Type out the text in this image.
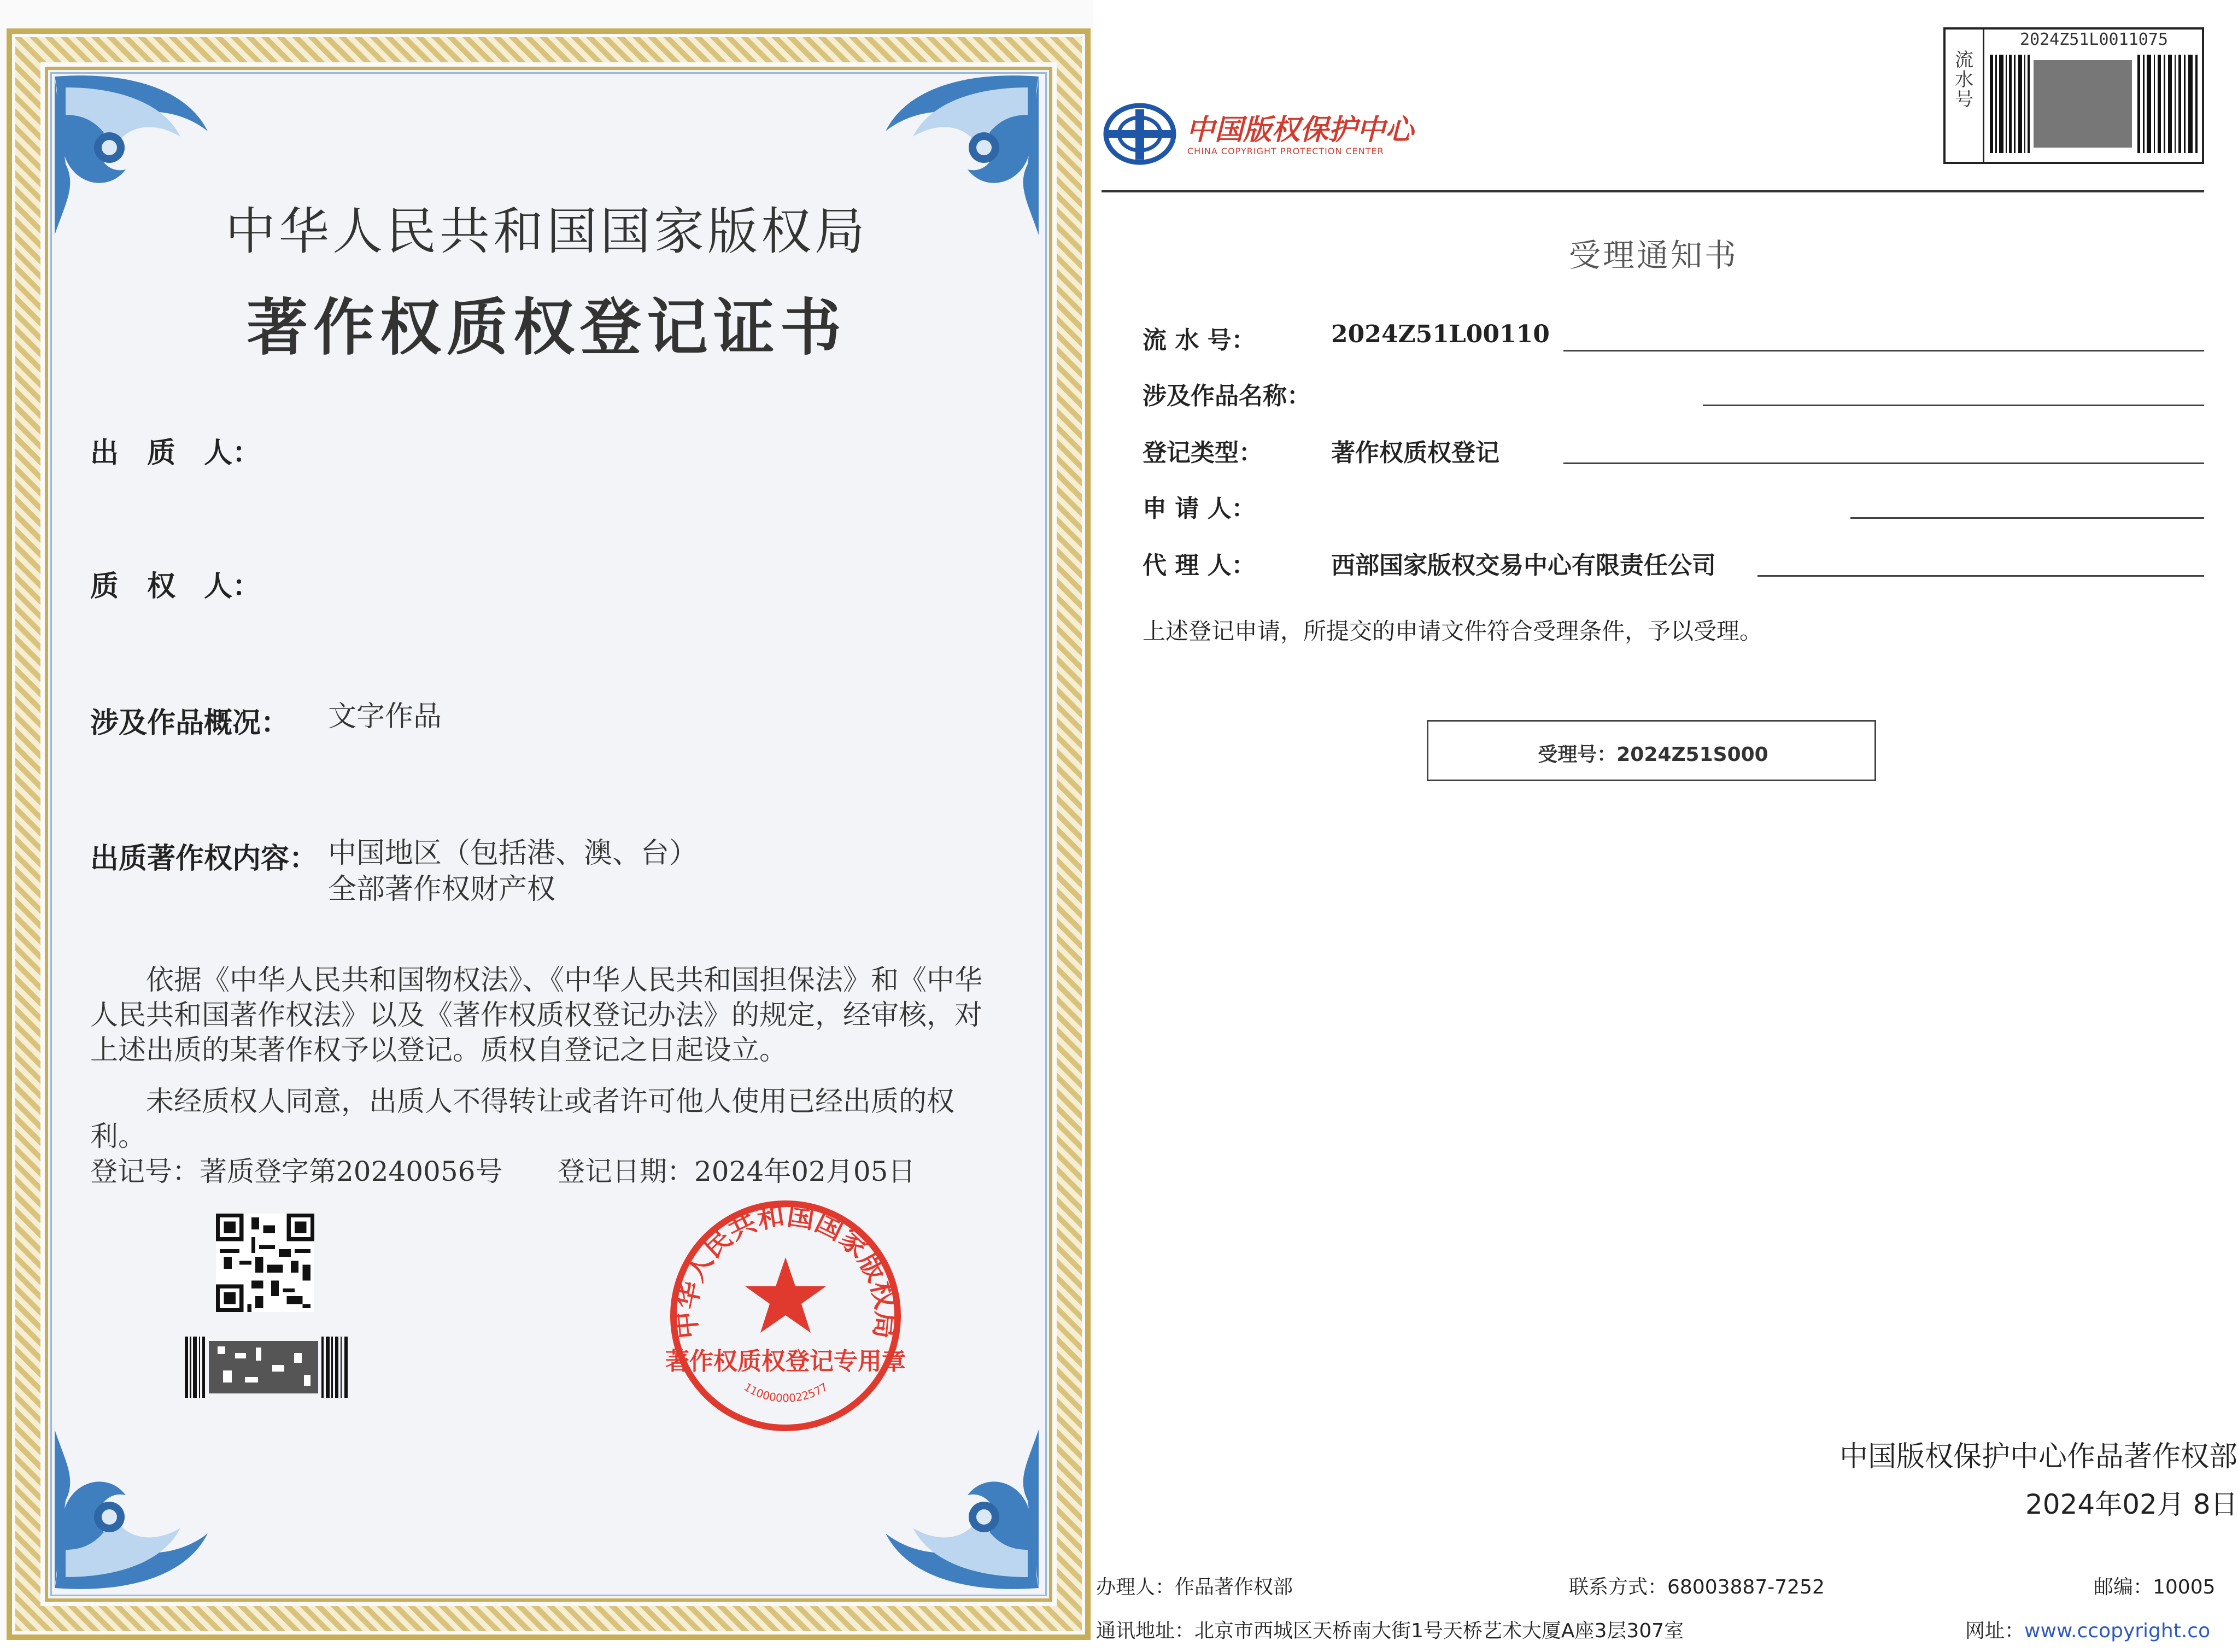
中华人民共和国国家版权局
著作权质权登记证书
出　质　人：
质　权　人：
涉及作品概况： 文字作品
出质著作权内容： 中国地区（包括港、澳、台）
全部著作权财产权
依据《中华人民共和国物权法》、《中华人民共和国担保法》和《中华人民共和国著作权法》以及《著作权质权登记办法》的规定，经审核，对上述出质的某著作权予以登记。质权自登记之日起设立。
未经质权人同意，出质人不得转让或者许可他人使用已经出质的权利。
登记号：著质登字第20240056号 登记日期：2024年02月05日
中华人民共和国国家版权局
著作权质权登记专用章
1100000022577
中国版权保护中心
CHINA COPYRIGHT PROTECTION CENTER
流水号
2024Z51L0011075
受理通知书
流 水 号：	2024Z51L00110
涉及作品名称：
登记类型：	著作权质权登记
申 请 人：
代 理 人：	西部国家版权交易中心有限责任公司
上述登记申请，所提交的申请文件符合受理条件，予以受理。
受理号：2024Z51S000
中国版权保护中心作品著作权部
2024年02月 8日
办理人：作品著作权部	联系方式：68003887-7252	邮编：10005
通讯地址：北京市西城区天桥南大街1号天桥艺术大厦A座3层307室	网址：www.ccopyright.co
